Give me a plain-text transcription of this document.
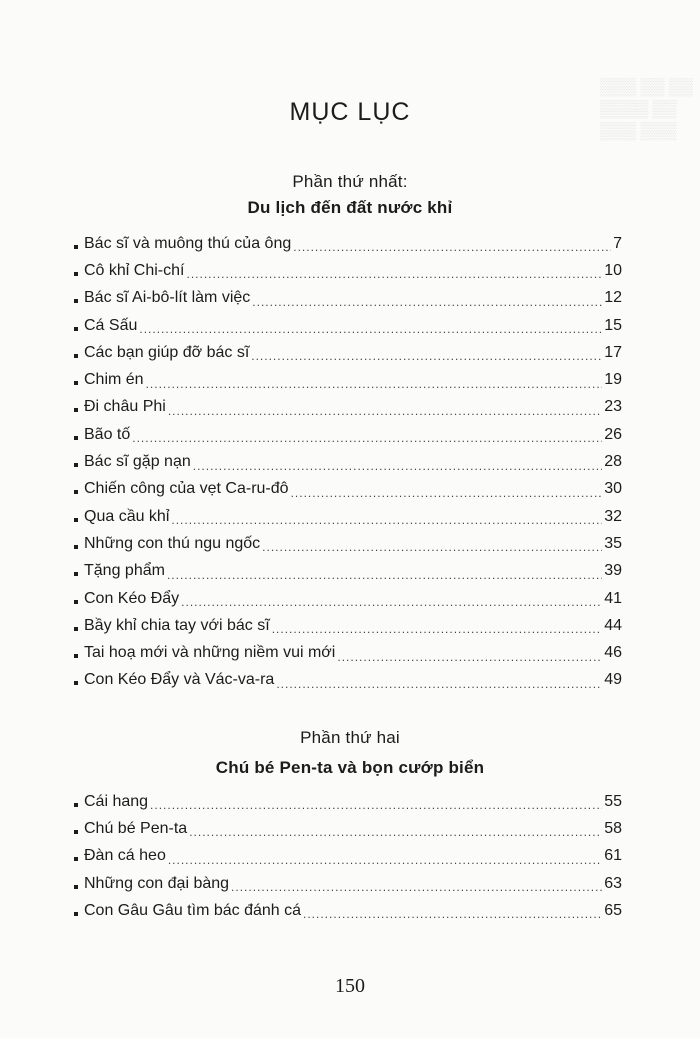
▒▒▒ ▒▒ ▒▒
▒▒▒▒ ▒▒
▒▒▒ ▒▒▒
MỤC LỤC
Phần thứ nhất:
Du lịch đến đất nước khỉ
Bác sĩ và muông thú của ông .....	7
Cô khỉ Chi-chí .....	10
Bác sĩ Ai-bô-lít làm việc .....	12
Cá Sấu .....	15
Các bạn giúp đỡ bác sĩ .....	17
Chim én .....	19
Đi châu Phi .....	23
Bão tố .....	26
Bác sĩ gặp nạn .....	28
Chiến công của vẹt Ca-ru-đô .....	30
Qua cầu khỉ .....	32
Những con thú ngu ngốc .....	35
Tặng phẩm .....	39
Con Kéo Đẩy .....	41
Bầy khỉ chia tay với bác sĩ .....	44
Tai hoạ mới và những niềm vui mới .....	46
Con Kéo Đẩy và Vác-va-ra .....	49
Phần thứ hai
Chú bé Pen-ta và bọn cướp biển
Cái hang .....	55
Chú bé Pen-ta .....	58
Đàn cá heo .....	61
Những con đại bàng .....	63
Con Gâu Gâu tìm bác đánh cá .....	65
150
